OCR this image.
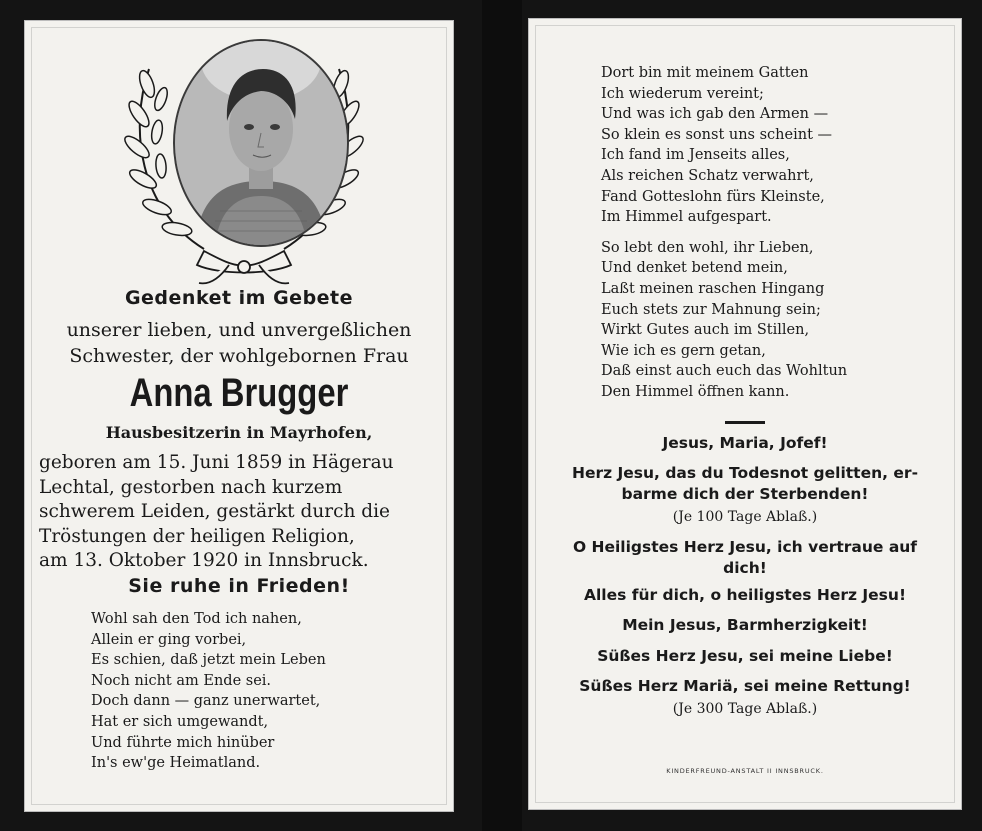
Gedenket im Gebete
unserer lieben, und unvergeßlichen
Schwester, der wohlgebornen Frau
Anna Brugger
Hausbesitzerin in Mayrhofen,
geboren am 15. Juni 1859 in Hägerau
Lechtal, gestorben nach kurzem
schwerem Leiden, gestärkt durch die
Tröstungen der heiligen Religion,
am 13. Oktober 1920 in Innsbruck.
Sie ruhe in Frieden!
Wohl sah den Tod ich nahen,
Allein er ging vorbei,
Es schien, daß jetzt mein Leben
Noch nicht am Ende sei.
Doch dann — ganz unerwartet,
Hat er sich umgewandt,
Und führte mich hinüber
In's ew'ge Heimatland.
Dort bin mit meinem Gatten
Ich wiederum vereint;
Und was ich gab den Armen —
So klein es sonst uns scheint —
Ich fand im Jenseits alles,
Als reichen Schatz verwahrt,
Fand Gotteslohn fürs Kleinste,
Im Himmel aufgespart.
So lebt den wohl, ihr Lieben,
Und denket betend mein,
Laßt meinen raschen Hingang
Euch stets zur Mahnung sein;
Wirkt Gutes auch im Stillen,
Wie ich es gern getan,
Daß einst auch euch das Wohltun
Den Himmel öffnen kann.
Jesus, Maria, Jofef!
Herz Jesu, das du Todesnot gelitten, er-
barme dich der Sterbenden!
(Je 100 Tage Ablaß.)
O Heiligstes Herz Jesu, ich vertraue auf
dich!
Alles für dich, o heiligstes Herz Jesu!
Mein Jesus, Barmherzigkeit!
Süßes Herz Jesu, sei meine Liebe!
Süßes Herz Mariä, sei meine Rettung!
(Je 300 Tage Ablaß.)
KINDERFREUND-ANSTALT II INNSBRUCK.
